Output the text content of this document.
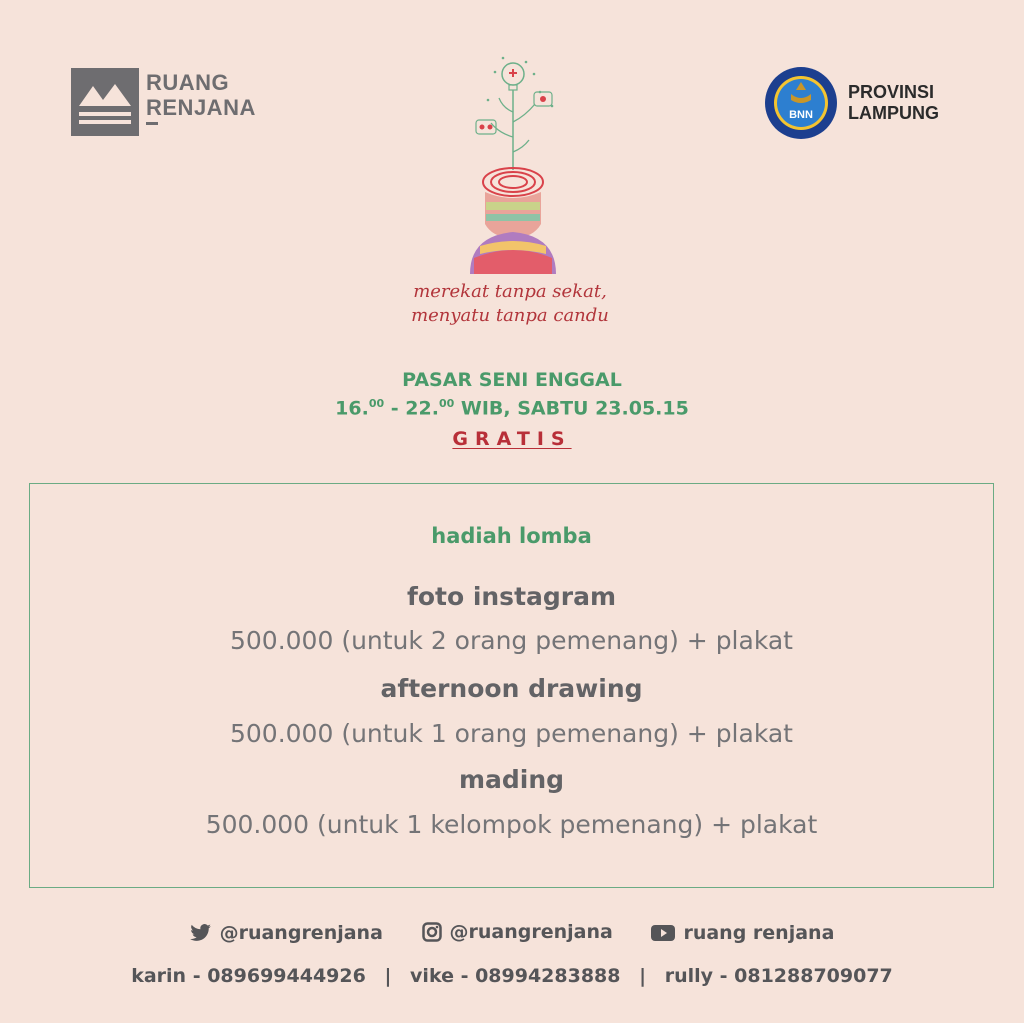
RUANG
RENJANA	BNN
PROVINSI
LAMPUNG
merekat tanpa sekat,
menyatu tanpa candu
PASAR SENI ENGGAL
16.00 - 22.00 WIB, SABTU 23.05.15
GRATIS
hadiah lomba
foto instagram
500.000 (untuk 2 orang pemenang) + plakat
afternoon drawing
500.000 (untuk 1 orang pemenang) + plakat
mading
500.000 (untuk 1 kelompok pemenang) + plakat
@ruangrenjana
	@ruangrenjana
	ruang renjana
karin - 089699444926 | vike - 08994283888 | rully - 081288709077
